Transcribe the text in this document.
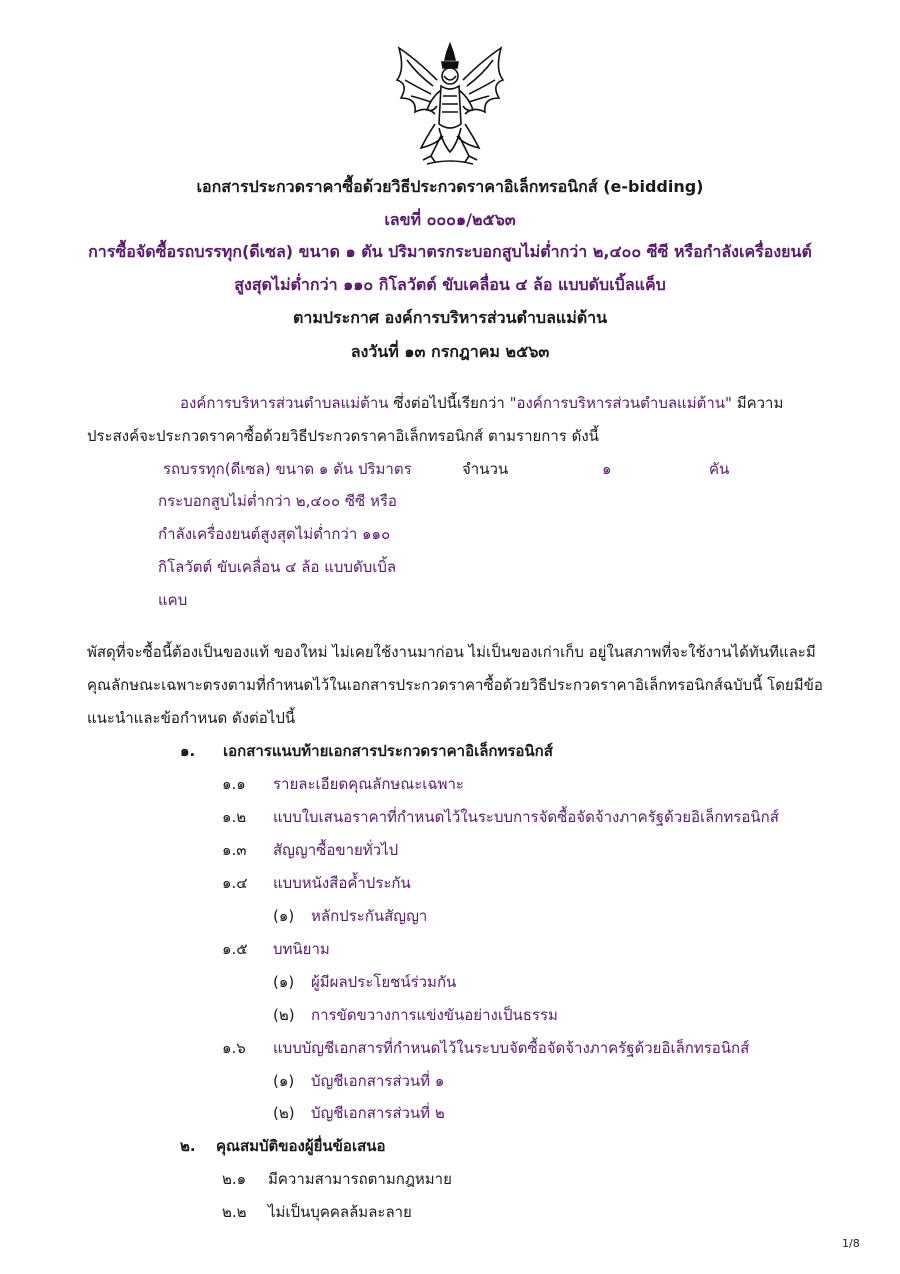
เอกสารประกวดราคาซื้อด้วยวิธีประกวดราคาอิเล็กทรอนิกส์ (e-bidding)
เลขที่ ๐๐๐๑/๒๕๖๓
การซื้อจัดซื้อรถบรรทุก(ดีเซล) ขนาด ๑ ตัน ปริมาตรกระบอกสูบไม่ต่ำกว่า ๒,๔๐๐ ซีซี หรือกำลังเครื่องยนต์
สูงสุดไม่ต่ำกว่า ๑๑๐ กิโลวัตต์ ขับเคลื่อน ๔ ล้อ แบบดับเบิ้ลแค็บ
ตามประกาศ องค์การบริหารส่วนตำบลแม่ต้าน
ลงวันที่ ๑๓ กรกฎาคม ๒๕๖๓
องค์การบริหารส่วนตำบลแม่ต้าน ซึ่งต่อไปนี้เรียกว่า "องค์การบริหารส่วนตำบลแม่ต้าน" มีความ
ประสงค์จะประกวดราคาซื้อด้วยวิธีประกวดราคาอิเล็กทรอนิกส์ ตามรายการ ดังนี้
รถบรรทุก(ดีเซล) ขนาด ๑ ตัน ปริมาตร
กระบอกสูบไม่ต่ำกว่า ๒,๔๐๐ ซีซี หรือ
กำลังเครื่องยนต์สูงสุดไม่ต่ำกว่า ๑๑๐
กิโลวัตต์ ขับเคลื่อน ๔ ล้อ แบบดับเบิ้ล
แคบ
จำนวน	๑	คัน
พัสดุที่จะซื้อนี้ต้องเป็นของแท้ ของใหม่ ไม่เคยใช้งานมาก่อน ไม่เป็นของเก่าเก็บ อยู่ในสภาพที่จะใช้งานได้ทันทีและมี
คุณลักษณะเฉพาะตรงตามที่กำหนดไว้ในเอกสารประกวดราคาซื้อด้วยวิธีประกวดราคาอิเล็กทรอนิกส์ฉบับนี้ โดยมีข้อ
แนะนำและข้อกำหนด ดังต่อไปนี้
๑. เอกสารแนบท้ายเอกสารประกวดราคาอิเล็กทรอนิกส์
๑.๑ รายละเอียดคุณลักษณะเฉพาะ
๑.๒ แบบใบเสนอราคาที่กำหนดไว้ในระบบการจัดซื้อจัดจ้างภาครัฐด้วยอิเล็กทรอนิกส์
๑.๓ สัญญาซื้อขายทั่วไป
๑.๔ แบบหนังสือค้ำประกัน
(๑) หลักประกันสัญญา
๑.๕ บทนิยาม
(๑) ผู้มีผลประโยชน์ร่วมกัน
(๒) การขัดขวางการแข่งขันอย่างเป็นธรรม
๑.๖ แบบบัญชีเอกสารที่กำหนดไว้ในระบบจัดซื้อจัดจ้างภาครัฐด้วยอิเล็กทรอนิกส์
(๑) บัญชีเอกสารส่วนที่ ๑
(๒) บัญชีเอกสารส่วนที่ ๒
๒. คุณสมบัติของผู้ยื่นข้อเสนอ
๒.๑ มีความสามารถตามกฎหมาย
๒.๒ ไม่เป็นบุคคลล้มละลาย
1/8
